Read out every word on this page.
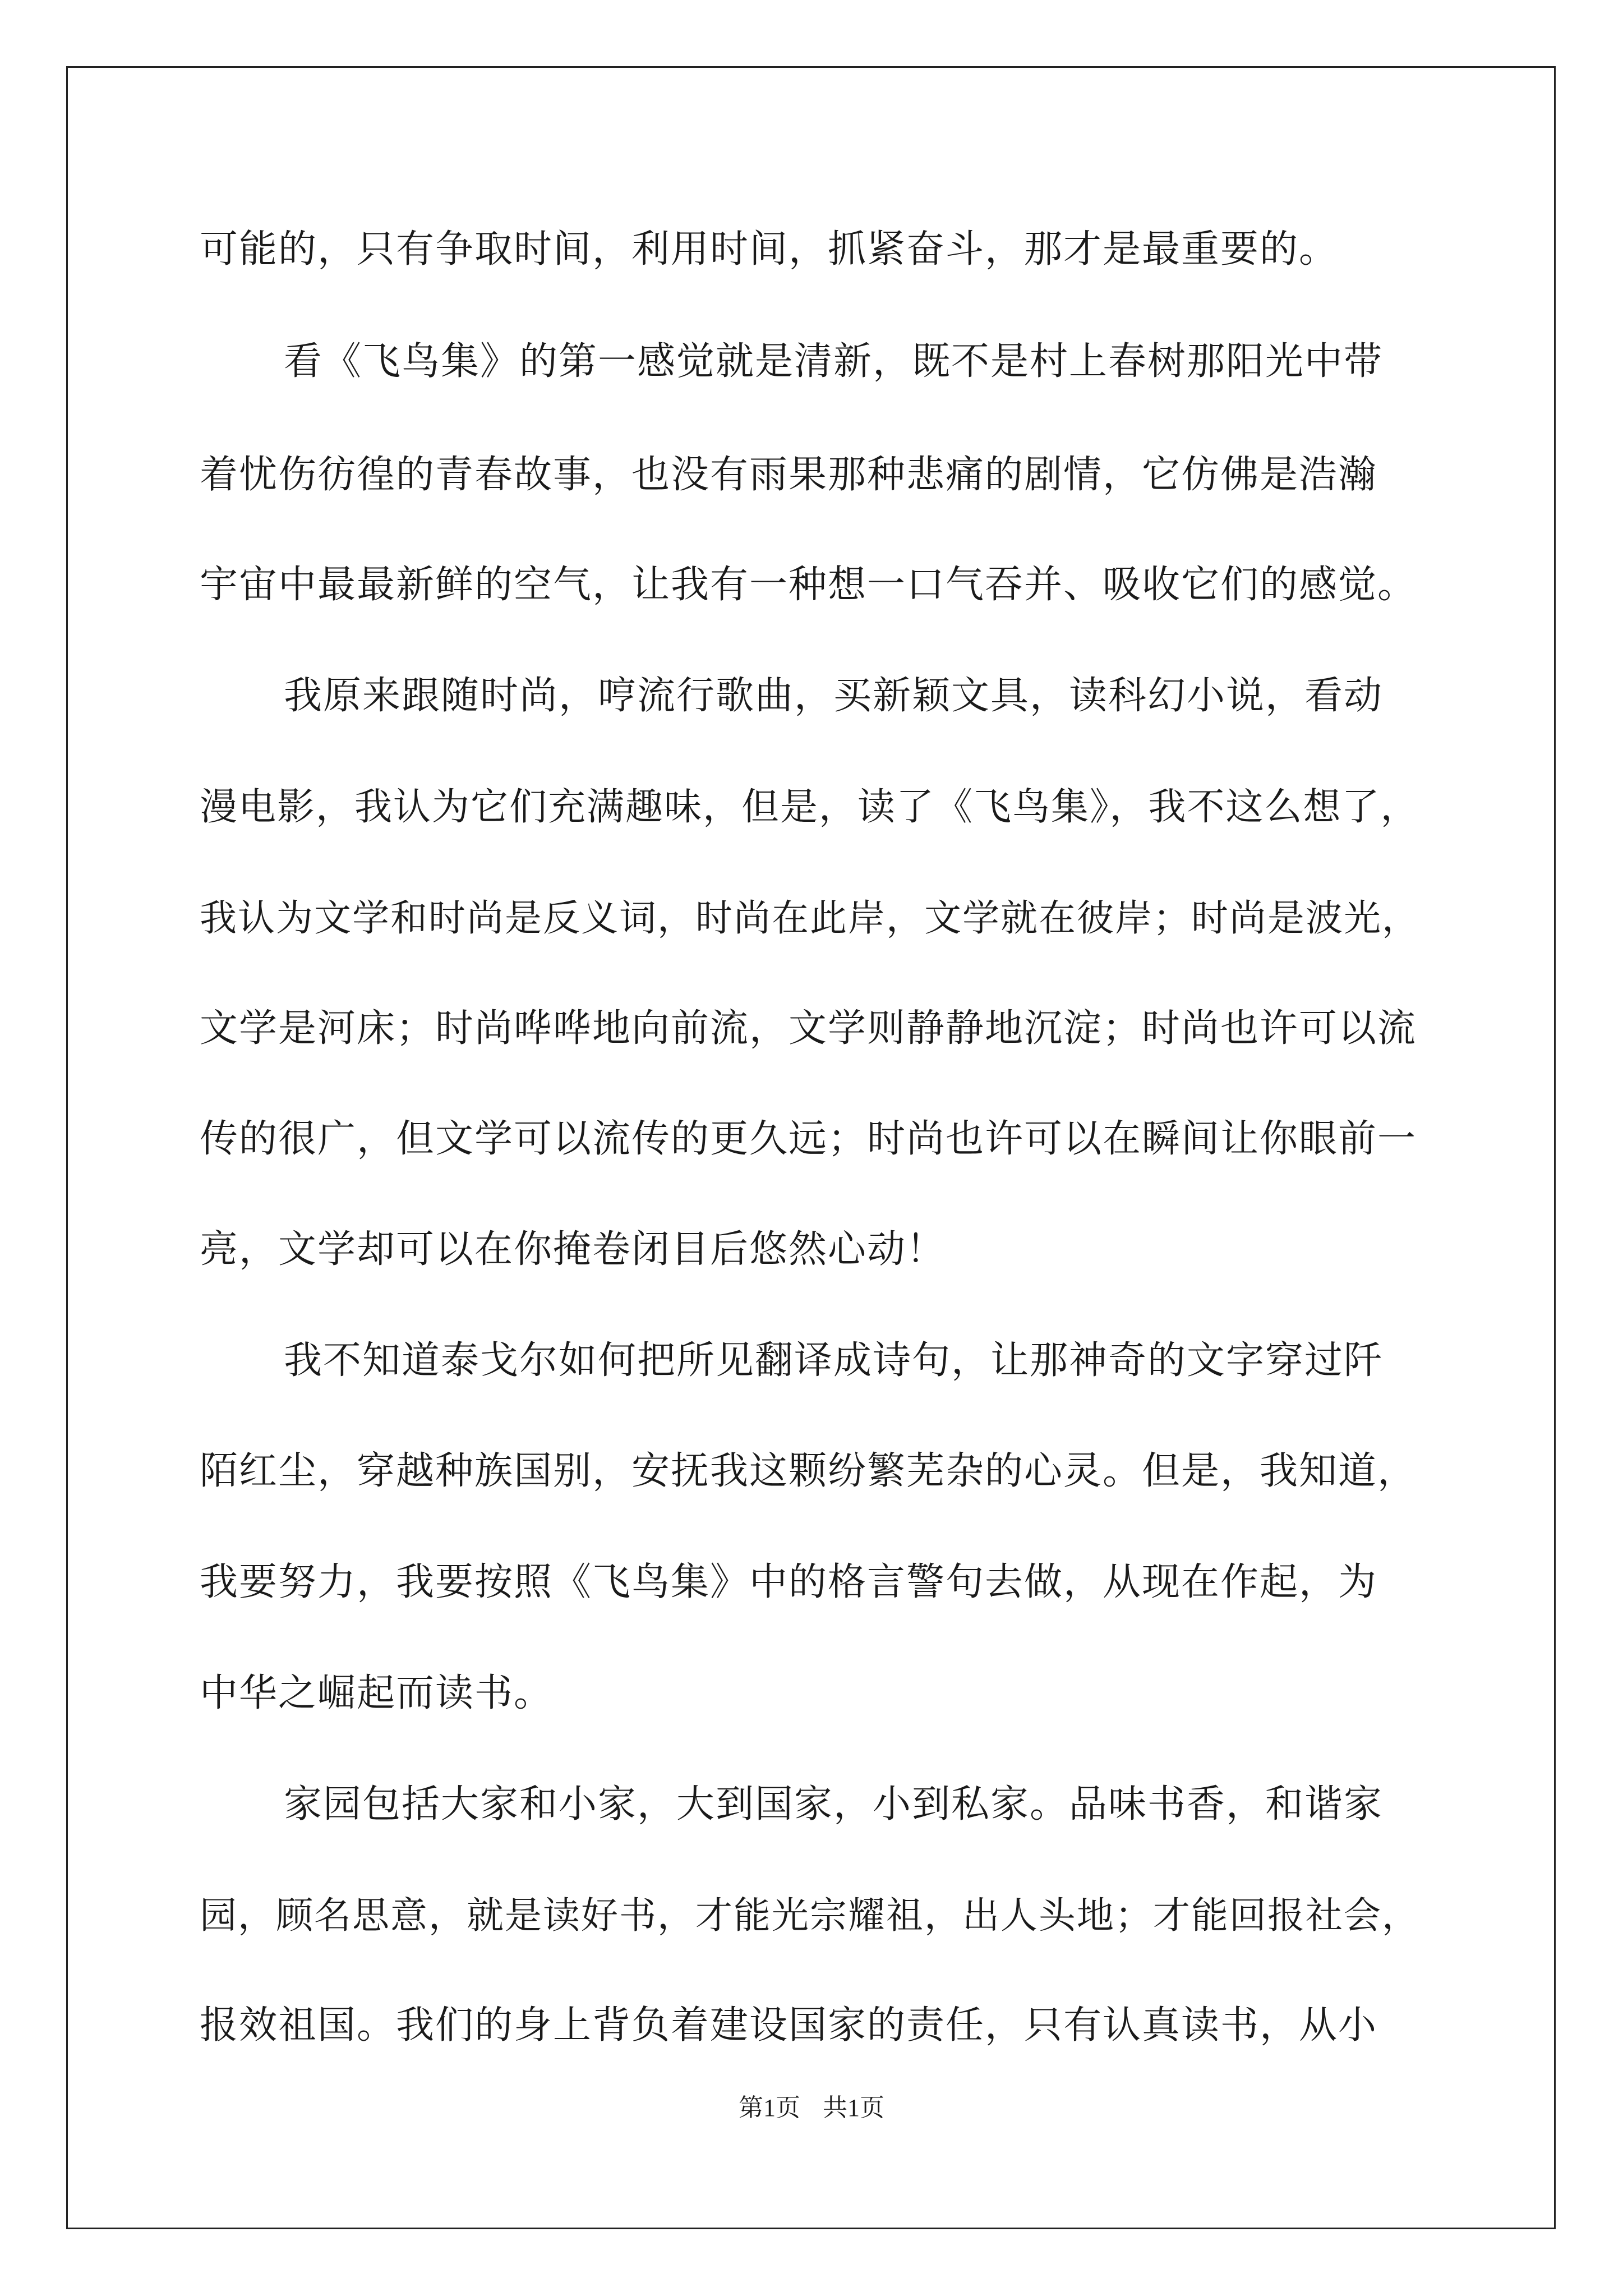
可能的，只有争取时间，利用时间，抓紧奋斗，那才是最重要的。
看《飞鸟集》的第一感觉就是清新，既不是村上春树那阳光中带
着忧伤彷徨的青春故事，也没有雨果那种悲痛的剧情，它仿佛是浩瀚
宇宙中最最新鲜的空气，让我有一种想一口气吞并、吸收它们的感觉。
我原来跟随时尚，哼流行歌曲，买新颖文具，读科幻小说，看动
漫电影，我认为它们充满趣味，但是，读了《飞鸟集》，我不这么想了，
我认为文学和时尚是反义词，时尚在此岸，文学就在彼岸；时尚是波光，
文学是河床；时尚哗哗地向前流，文学则静静地沉淀；时尚也许可以流
传的很广，但文学可以流传的更久远；时尚也许可以在瞬间让你眼前一
亮，文学却可以在你掩卷闭目后悠然心动！
我不知道泰戈尔如何把所见翻译成诗句，让那神奇的文字穿过阡
陌红尘，穿越种族国别，安抚我这颗纷繁芜杂的心灵。但是，我知道，
我要努力，我要按照《飞鸟集》中的格言警句去做，从现在作起，为
中华之崛起而读书。
家园包括大家和小家，大到国家，小到私家。品味书香，和谐家
园，顾名思意，就是读好书，才能光宗耀祖，出人头地；才能回报社会，
报效祖国。我们的身上背负着建设国家的责任，只有认真读书，从小
第1页 共1页
